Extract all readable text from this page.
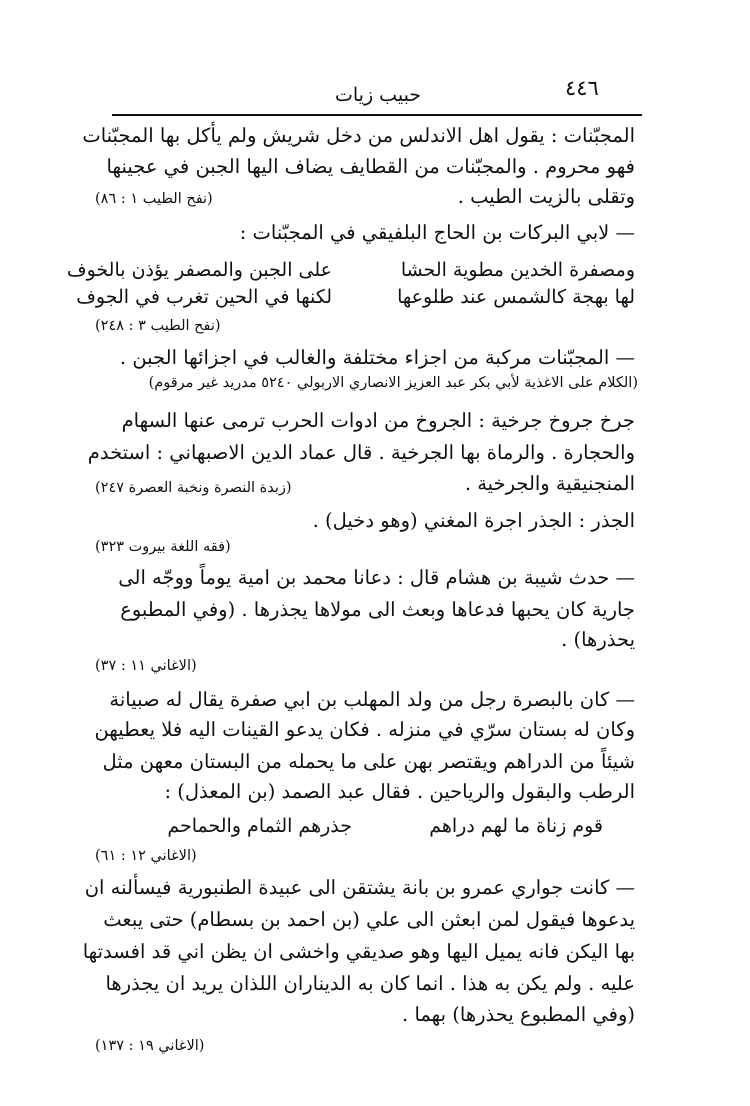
٤٤٦
حبيب زيات
المجبّنات : يقول اهل الاندلس من دخل شريش ولم يأكل بها المجبّنات
فهو محروم . والمجبّنات من القطايف يضاف اليها الجبن في عجينها
وتقلى بالزيت الطيب .
(نفح الطيب ١ : ٨٦)
— لابي البركات بن الحاج البلفيقي في المجبّنات :
ومصفرة الخدين مطوية الحشا
على الجبن والمصفر يؤذن بالخوف
لها بهجة كالشمس عند طلوعها
لكنها في الحين تغرب في الجوف
(نفح الطيب ٣ : ٢٤٨)
— المجبّنات مركبة من اجزاء مختلفة والغالب في اجزائها الجبن .
(الكلام على الاغذية لأبي بكر عبد العزيز الانصاري الاربولي ٥٢٤٠ مدريد غير مرقوم)
جرخ جروخ جرخية : الجروخ من ادوات الحرب ترمى عنها السهام
والحجارة . والرماة بها الجرخية . قال عماد الدين الاصبهاني : استخدم
المنجنيقية والجرخية .
(زبدة النصرة ونخبة العصرة ٢٤٧)
الجذر : الجذر اجرة المغني (وهو دخيل) .
(فقه اللغة بيروت ٣٢٣)
— حدث شيبة بن هشام قال : دعانا محمد بن امية يوماً ووجّه الى
جارية كان يحبها فدعاها وبعث الى مولاها يجذرها . (وفي المطبوع
يحذرها) .
(الاغاني ١١ : ٣٧)
— كان بالبصرة رجل من ولد المهلب بن ابي صفرة يقال له صبيانة
وكان له بستان سرّي في منزله . فكان يدعو القينات اليه فلا يعطيهن
شيئاً من الدراهم ويقتصر بهن على ما يحمله من البستان معهن مثل
الرطب والبقول والرياحين . فقال عبد الصمد (بن المعذل) :
قوم زناة ما لهم دراهم
جذرهم الثمام والحماحم
(الاغاني ١٢ : ٦١)
— كانت جواري عمرو بن بانة يشتقن الى عبيدة الطنبورية فيسألنه ان
يدعوها فيقول لمن ابعثن الى علي (بن احمد بن بسطام) حتى يبعث
بها اليكن فانه يميل اليها وهو صديقي واخشى ان يظن اني قد افسدتها
عليه . ولم يكن به هذا . انما كان به الديناران اللذان يريد ان يجذرها
(وفي المطبوع يحذرها) بهما .
(الاغاني ١٩ : ١٣٧)
